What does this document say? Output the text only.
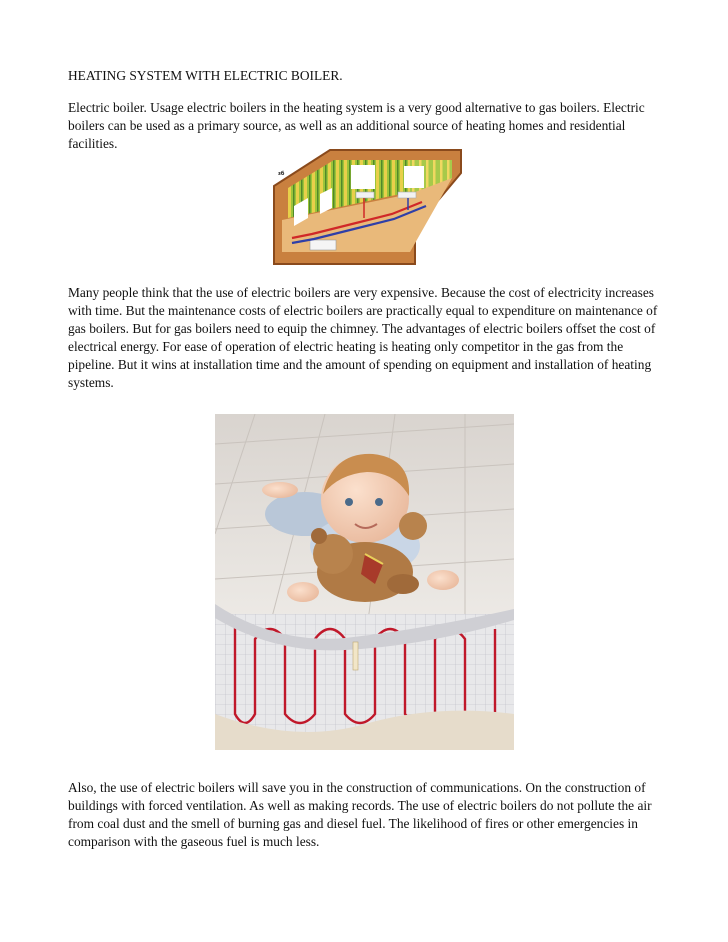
HEATING SYSTEM WITH ELECTRIC BOILER.

Electric boiler. Usage electric boilers in the heating system is a very good alternative to gas boilers. Electric boilers can be used as a primary source, as well as an additional source of heating homes and residential facilities.

зб

Many people think that the use of electric boilers are very expensive. Because the cost of electricity increases with time. But the maintenance costs of electric boilers are practically equal to expenditure on maintenance of gas boilers. But for gas boilers need to equip the chimney. The advantages of electric boilers offset the cost of electrical energy. For ease of operation of electric heating is heating only competitor in the gas from the pipeline. But it wins at installation time and the amount of spending on equipment and installation of heating systems.

Also, the use of electric boilers will save you in the construction of communications. On the construction of buildings with forced ventilation. As well as making records. The use of electric boilers do not pollute the air from coal dust and the smell of burning gas and diesel fuel. The likelihood of fires or other emergencies in comparison with the gaseous fuel is much less.
